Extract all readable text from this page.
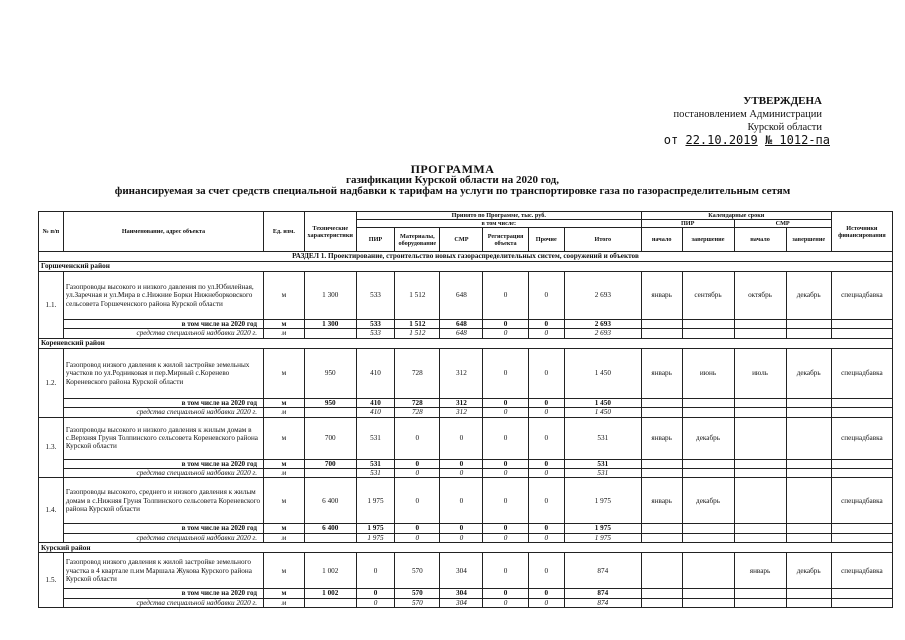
УТВЕРЖДЕНА
постановлением Администрации
Курской области
от 22.10.2019 № 1012-па
ПРОГРАММА
газификации Курской области на 2020 год,
финансируемая за счет средств специальной надбавки к тарифам на услуги по транспортировке газа по газораспределительным сетям
№ п/п	Наименование, адрес объекта	Ед. изм.	Технические характеристики	Принято по Программе, тыс. руб.						Календарные сроки				Источники финансирования
				в том числе:						ПИР		СМР		
				ПИР	Материалы, оборудование	СМР	Регистрация объекта	Прочие	Итого	начало	завершение	начало	завершение	
РАЗДЕЛ 1. Проектирование, строительство новых газораспределительных систем, сооружений и объектов														
Горшеченский район														
1.1.	Газопроводы высокого и низкого давления по ул.Юбилейная, ул.Заречная и ул.Мира в с.Нижние Борки Нижнеборковского сельсовета Горшеченского района Курской области	м	1 300	533	1 512	648	0	0	2 693	январь	сентябрь	октябрь	декабрь	спецнадбавка
	в том числе на 2020 год	м	1 300	533	1 512	648	0	0	2 693					
	средства специальной надбавки 2020 г.	м		533	1 512	648	0	0	2 693					
Кореневский район														
1.2.	Газопровод низкого давления к жилой застройке земельных участков по ул.Родниковая и пер.Мирный с.Коренево Кореневского района Курской области	м	950	410	728	312	0	0	1 450	январь	июнь	июль	декабрь	спецнадбавка
	в том числе на 2020 год	м	950	410	728	312	0	0	1 450					
	средства специальной надбавки 2020 г.	м		410	728	312	0	0	1 450					
1.3.	Газопроводы высокого и низкого давления к жилым домам в с.Верхняя Груня Толпинского сельсовета Кореневского района Курской области	м	700	531	0	0	0	0	531	январь	декабрь			спецнадбавка
	в том числе на 2020 год	м	700	531	0	0	0	0	531					
	средства специальной надбавки 2020 г.	м		531	0	0	0	0	531					
1.4.	Газопроводы высокого, среднего и низкого давления к жилым домам в с.Нижняя Груня Толпинского сельсовета Кореневского района Курской области	м	6 400	1 975	0	0	0	0	1 975	январь	декабрь			спецнадбавка
	в том числе на 2020 год	м	6 400	1 975	0	0	0	0	1 975					
	средства специальной надбавки 2020 г.	м		1 975	0	0	0	0	1 975					
Курский район														
1.5.	Газопровод низкого давления к жилой застройке земельного участка в 4 квартале п.им Маршала Жукова Курского района Курской области	м	1 002	0	570	304	0	0	874			январь	декабрь	спецнадбавка
	в том числе на 2020 год	м	1 002	0	570	304	0	0	874					
	средства специальной надбавки 2020 г.	м		0	570	304	0	0	874					
